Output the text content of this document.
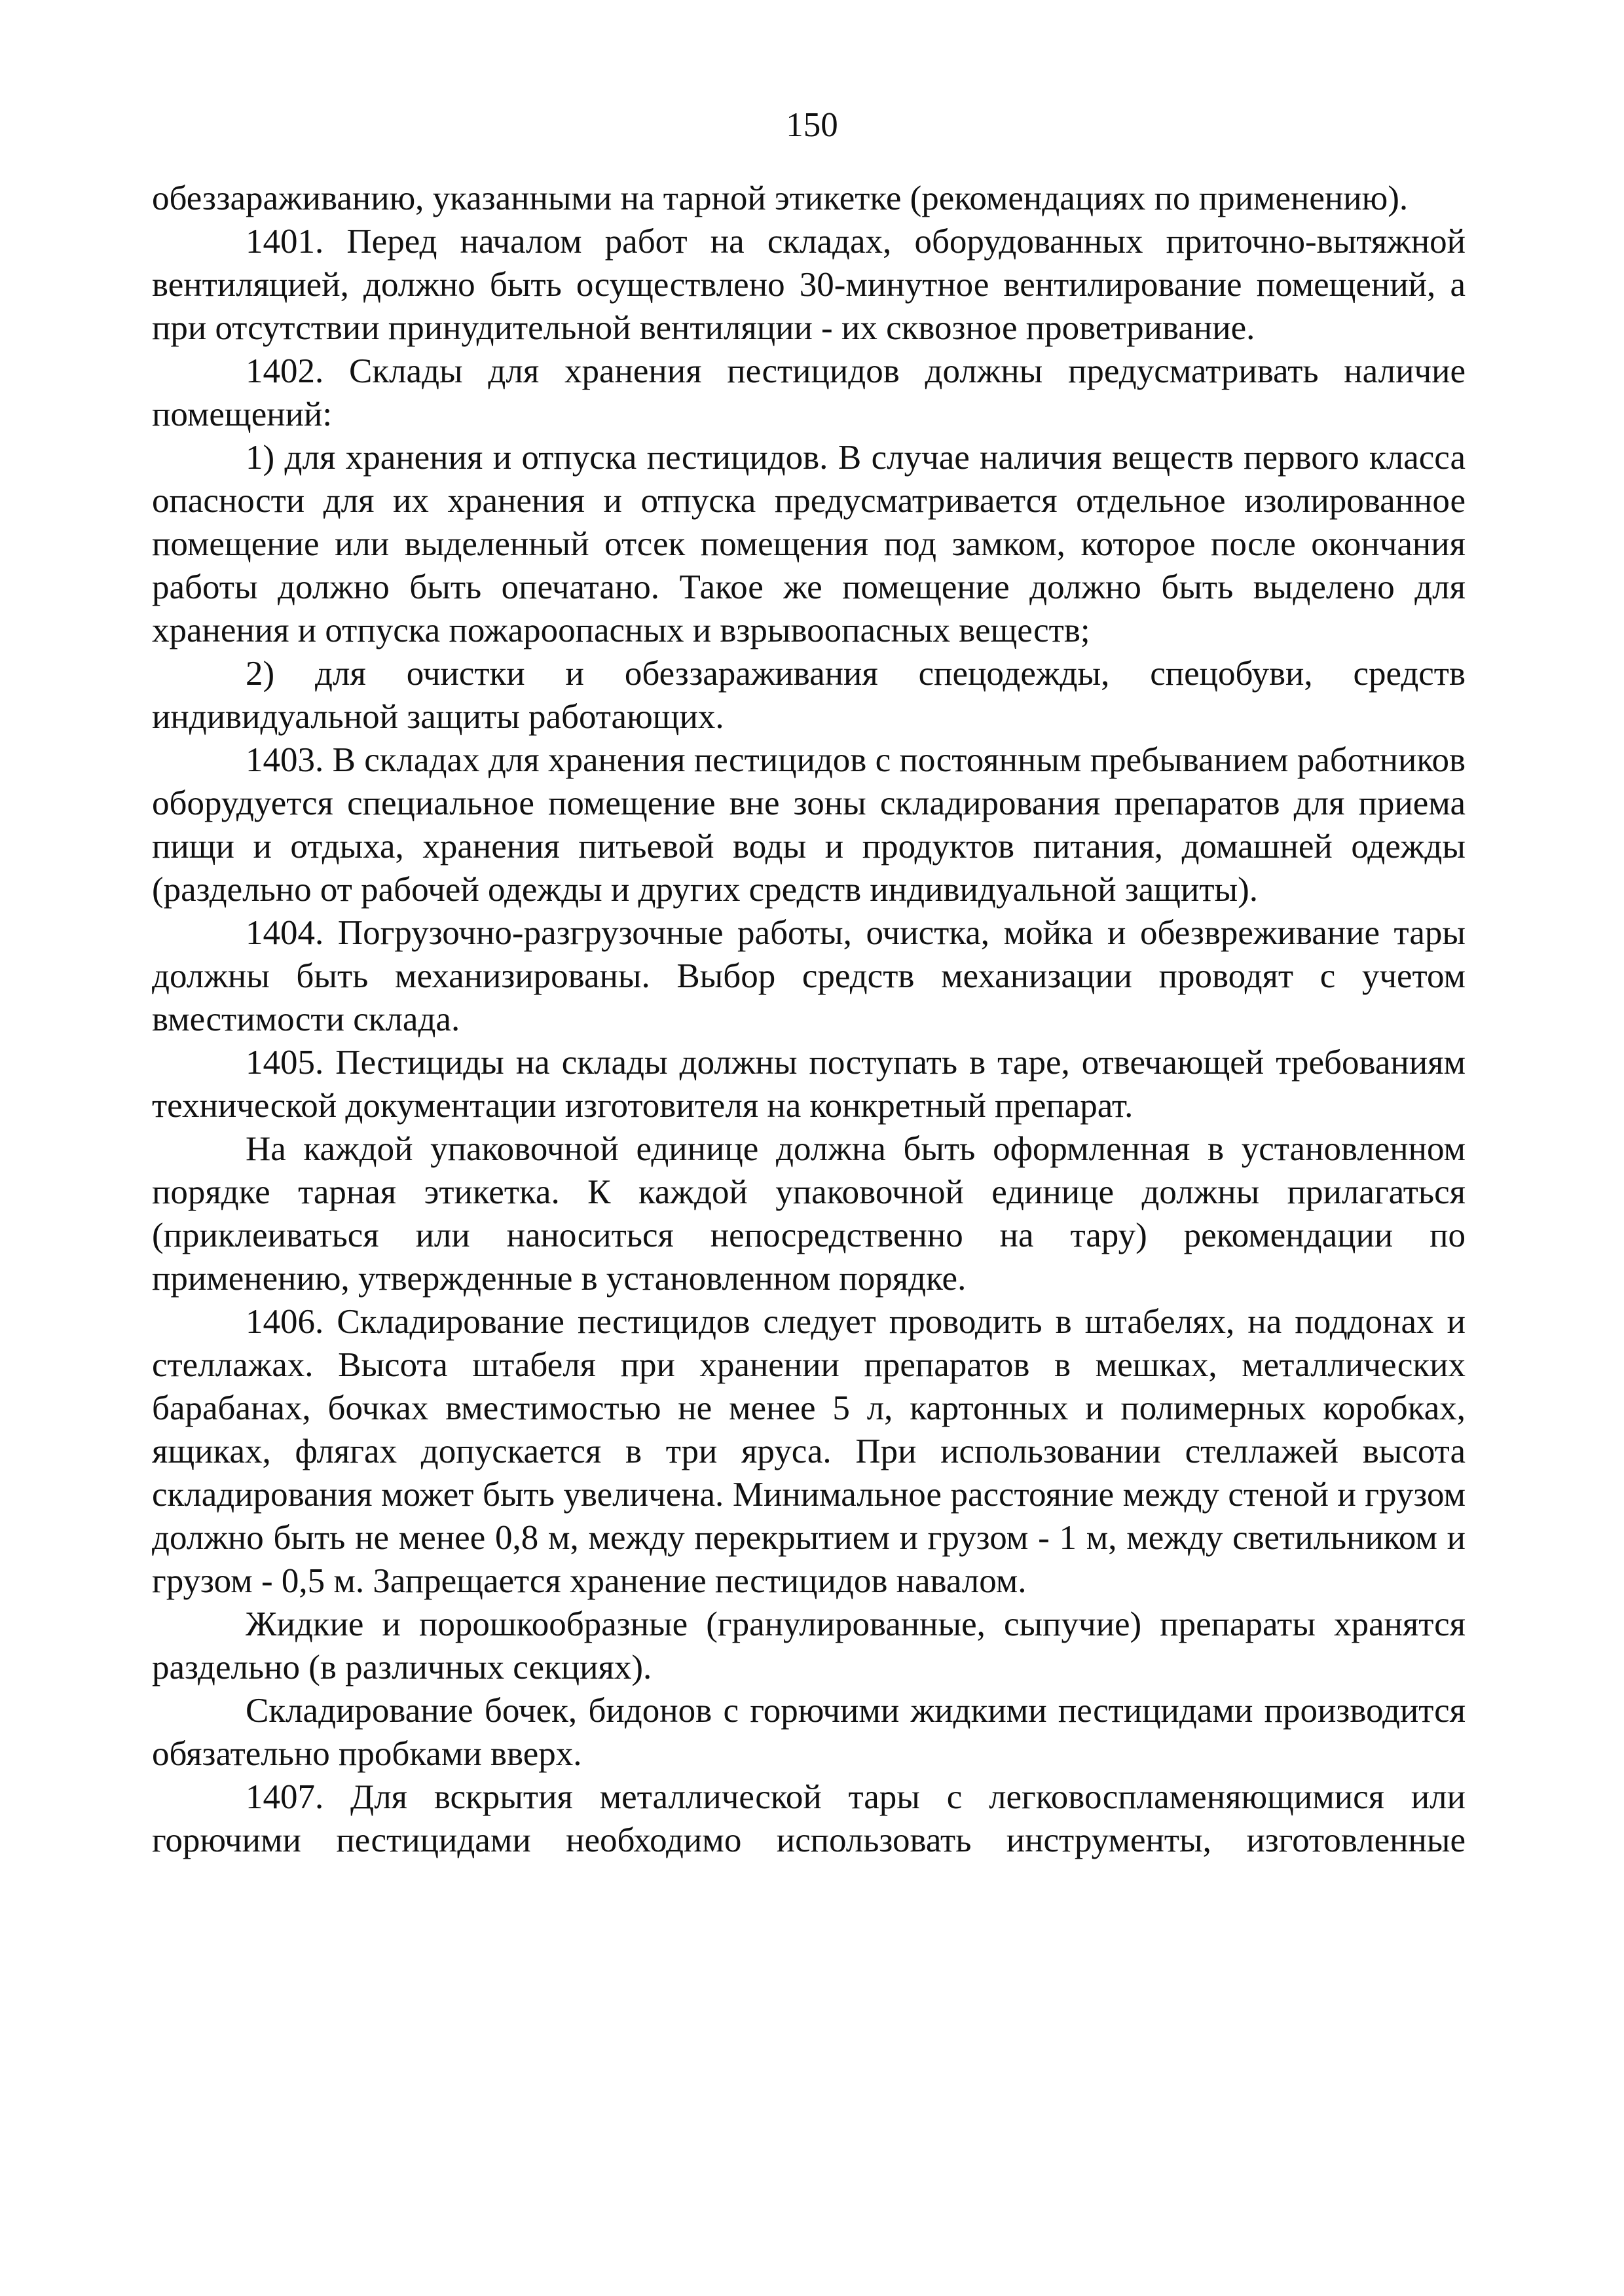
150

обеззараживанию, указанными на тарной этикетке (рекомендациях по применению).

1401. Перед началом работ на складах, оборудованных приточно-вытяжной вентиляцией, должно быть осуществлено 30-минутное вентилирование помещений, а при отсутствии принудительной вентиляции - их сквозное проветривание.

1402. Склады для хранения пестицидов должны предусматривать наличие помещений:

1) для хранения и отпуска пестицидов. В случае наличия веществ первого класса опасности для их хранения и отпуска предусматривается отдельное изолированное помещение или выделенный отсек помещения под замком, которое после окончания работы должно быть опечатано. Такое же помещение должно быть выделено для хранения и отпуска пожароопасных и взрывоопасных веществ;

2) для очистки и обеззараживания спецодежды, спецобуви, средств индивидуальной защиты работающих.

1403. В складах для хранения пестицидов с постоянным пребыванием работников оборудуется специальное помещение вне зоны складирования препаратов для приема пищи и отдыха, хранения питьевой воды и продуктов питания, домашней одежды (раздельно от рабочей одежды и других средств индивидуальной защиты).

1404. Погрузочно-разгрузочные работы, очистка, мойка и обезвреживание тары должны быть механизированы. Выбор средств механизации проводят с учетом вместимости склада.

1405. Пестициды на склады должны поступать в таре, отвечающей требованиям технической документации изготовителя на конкретный препарат.

На каждой упаковочной единице должна быть оформленная в установленном порядке тарная этикетка. К каждой упаковочной единице должны прилагаться (приклеиваться или наноситься непосредственно на тару) рекомендации по применению, утвержденные в установленном порядке.

1406. Складирование пестицидов следует проводить в штабелях, на поддонах и стеллажах. Высота штабеля при хранении препаратов в мешках, металлических барабанах, бочках вместимостью не менее 5 л, картонных и полимерных коробках, ящиках, флягах допускается в три яруса. При использовании стеллажей высота складирования может быть увеличена. Минимальное расстояние между стеной и грузом должно быть не менее 0,8 м, между перекрытием и грузом - 1 м, между светильником и грузом - 0,5 м. Запрещается хранение пестицидов навалом.

Жидкие и порошкообразные (гранулированные, сыпучие) препараты хранятся раздельно (в различных секциях).

Складирование бочек, бидонов с горючими жидкими пестицидами производится обязательно пробками вверх.

1407. Для вскрытия металлической тары с легковоспламеняющимися или горючими пестицидами необходимо использовать инструменты, изготовленные
